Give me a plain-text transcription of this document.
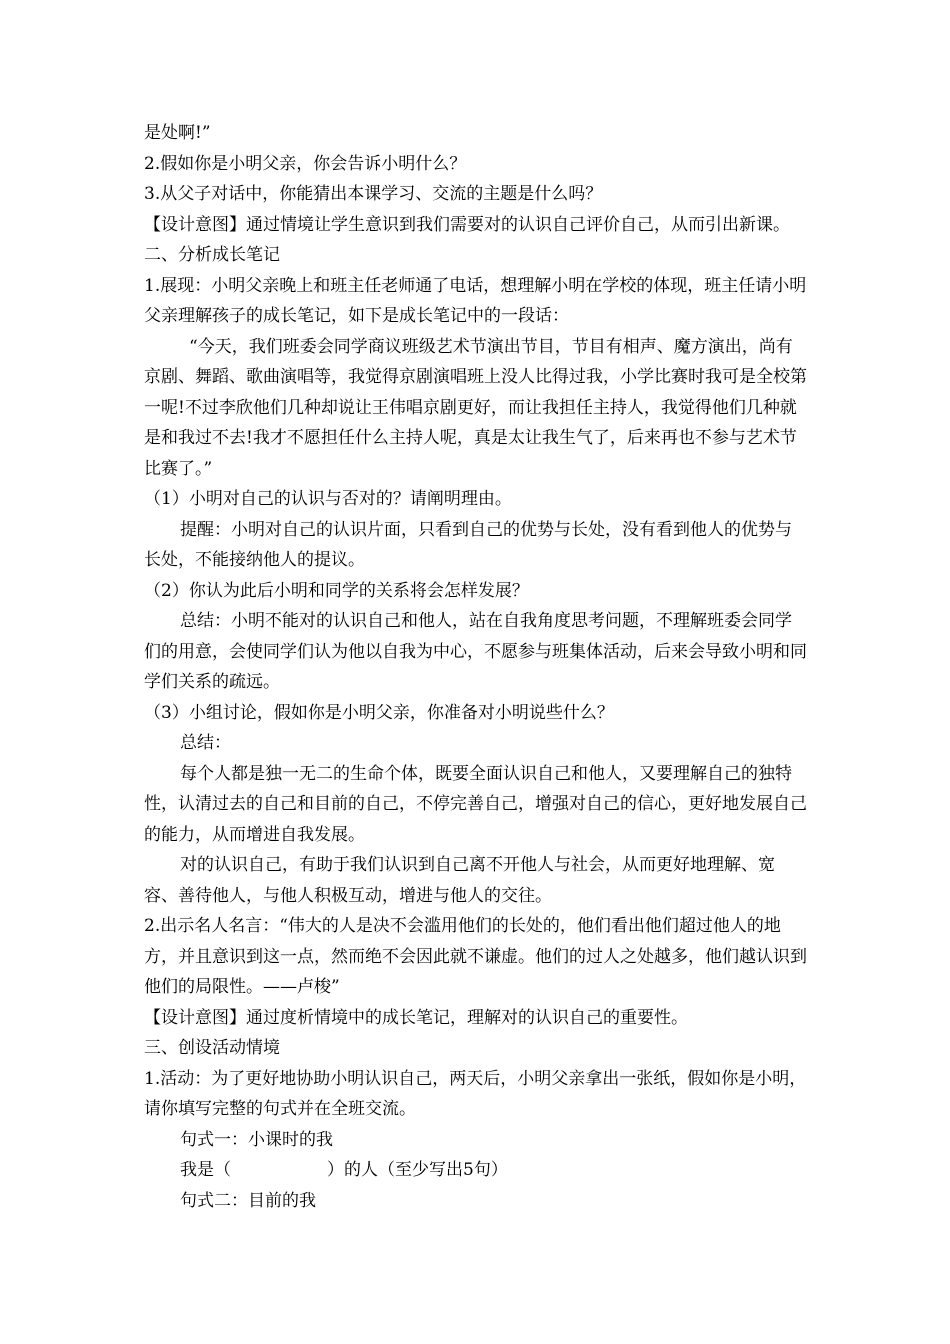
是处啊!”

2.假如你是小明父亲，你会告诉小明什么？

3.从父子对话中，你能猜出本课学习、交流的主题是什么吗？

【设计意图】通过情境让学生意识到我们需要对的认识自己评价自己，从而引出新课。

二、分析成长笔记

1.展现：小明父亲晚上和班主任老师通了电话，想理解小明在学校的体现，班主任请小明父亲理解孩子的成长笔记，如下是成长笔记中的一段话：

“今天，我们班委会同学商议班级艺术节演出节目，节目有相声、魔方演出，尚有京剧、舞蹈、歌曲演唱等，我觉得京剧演唱班上没人比得过我，小学比赛时我可是全校第一呢!不过李欣他们几种却说让王伟唱京剧更好，而让我担任主持人，我觉得他们几种就是和我过不去!我才不愿担任什么主持人呢，真是太让我生气了，后来再也不参与艺术节比赛了。”

（1）小明对自己的认识与否对的？请阐明理由。

提醒：小明对自己的认识片面，只看到自己的优势与长处，没有看到他人的优势与长处，不能接纳他人的提议。

（2）你认为此后小明和同学的关系将会怎样发展？

总结：小明不能对的认识自己和他人，站在自我角度思考问题，不理解班委会同学们的用意，会使同学们认为他以自我为中心，不愿参与班集体活动，后来会导致小明和同学们关系的疏远。

（3）小组讨论，假如你是小明父亲，你准备对小明说些什么？

总结：

每个人都是独一无二的生命个体，既要全面认识自己和他人，又要理解自己的独特性，认清过去的自己和目前的自己，不停完善自己，增强对自己的信心，更好地发展自己的能力，从而增进自我发展。

对的认识自己，有助于我们认识到自己离不开他人与社会，从而更好地理解、宽容、善待他人，与他人积极互动，增进与他人的交往。

2.出示名人名言：“伟大的人是决不会滥用他们的长处的，他们看出他们超过他人的地方，并且意识到这一点，然而绝不会因此就不谦虚。他们的过人之处越多，他们越认识到他们的局限性。——卢梭”

【设计意图】通过度析情境中的成长笔记，理解对的认识自己的重要性。

三、创设活动情境

1.活动：为了更好地协助小明认识自己，两天后，小明父亲拿出一张纸，假如你是小明，请你填写完整的句式并在全班交流。

句式一：小课时的我

我是（	）的人（至少写出5句）

句式二：目前的我
